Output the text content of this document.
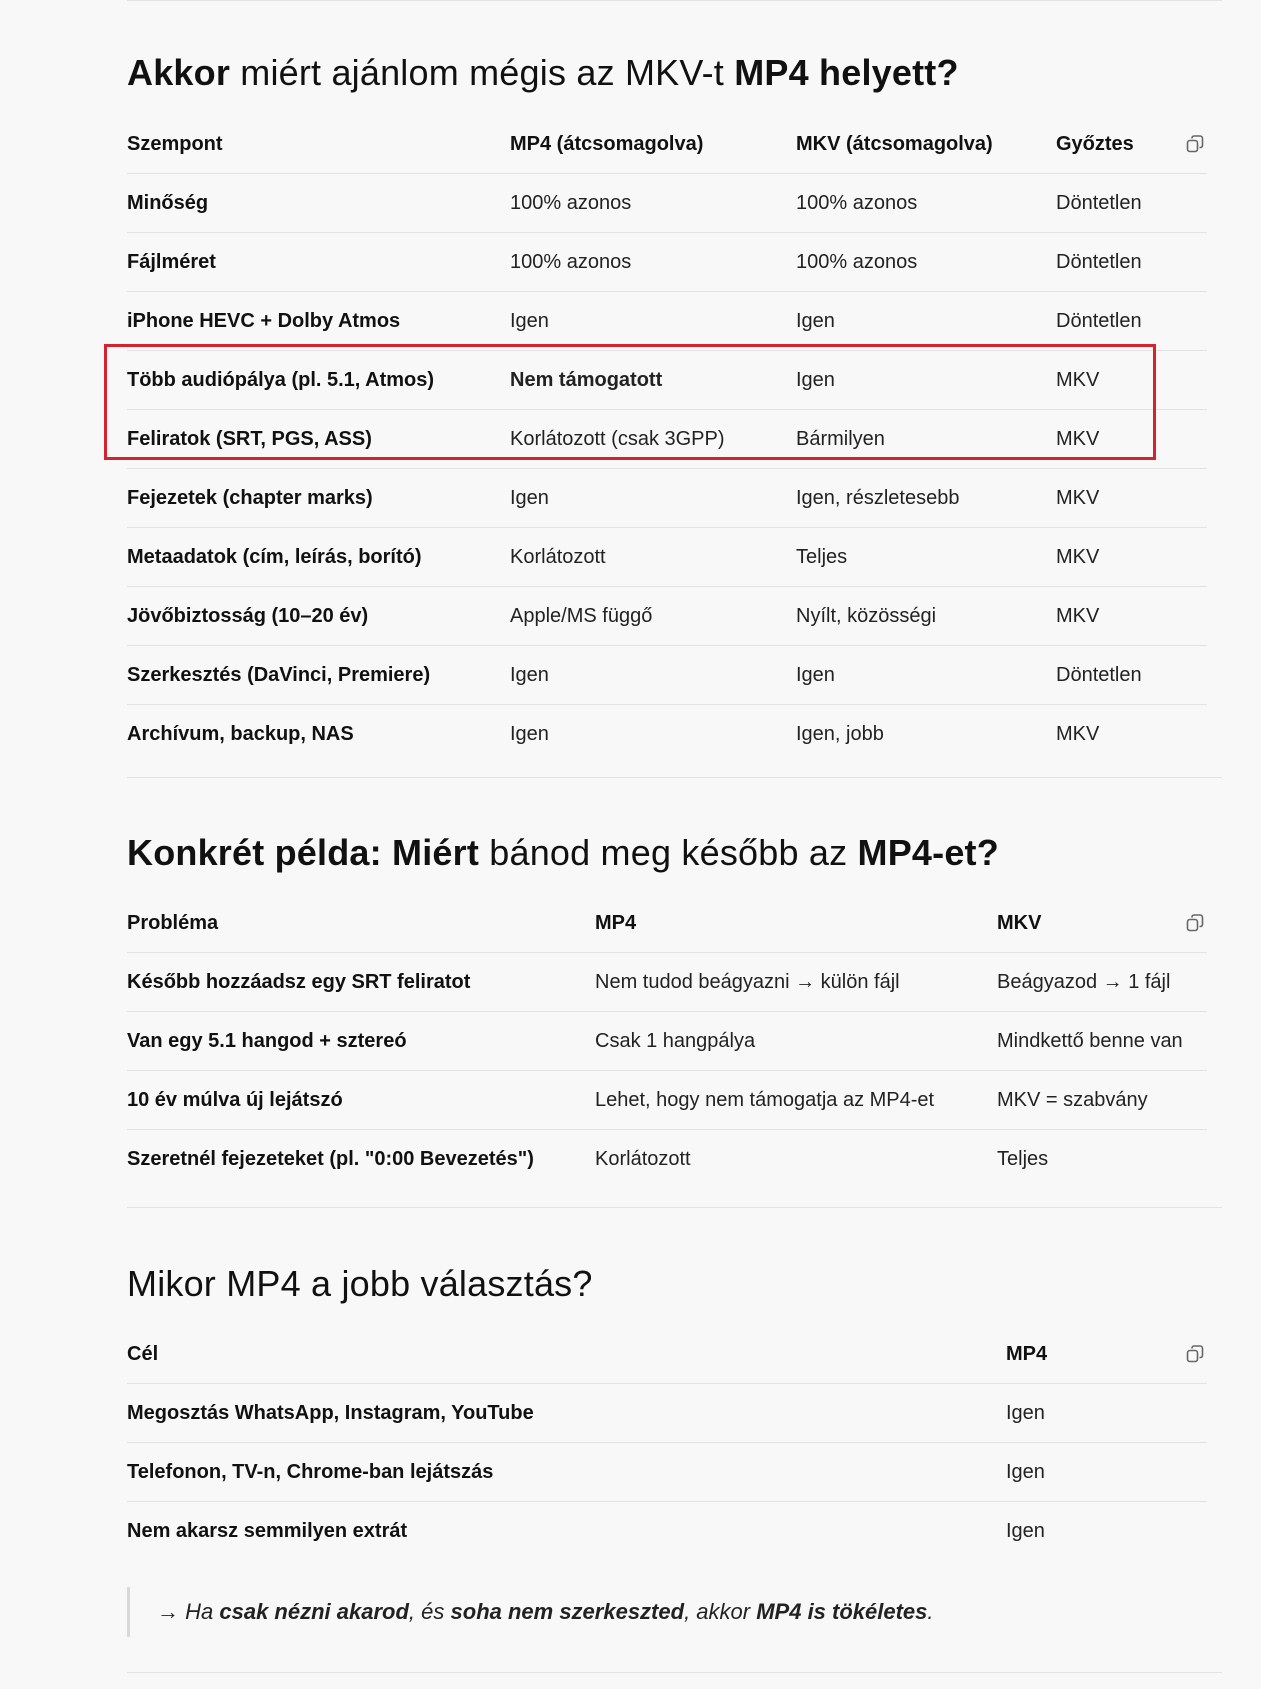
Akkor miért ajánlom mégis az MKV-t MP4 helyett?
Szempont	MP4 (átcsomagolva)	MKV (átcsomagolva)	Győztes
Minőség	100% azonos	100% azonos	Döntetlen
Fájlméret	100% azonos	100% azonos	Döntetlen
iPhone HEVC + Dolby Atmos	Igen	Igen	Döntetlen
Több audiópálya (pl. 5.1, Atmos)	Nem támogatott	Igen	MKV
Feliratok (SRT, PGS, ASS)	Korlátozott (csak 3GPP)	Bármilyen	MKV
Fejezetek (chapter marks)	Igen	Igen, részletesebb	MKV
Metaadatok (cím, leírás, borító)	Korlátozott	Teljes	MKV
Jövőbiztosság (10–20 év)	Apple/MS függő	Nyílt, közösségi	MKV
Szerkesztés (DaVinci, Premiere)	Igen	Igen	Döntetlen
Archívum, backup, NAS	Igen	Igen, jobb	MKV
Konkrét példa: Miért bánod meg később az MP4-et?
Probléma	MP4	MKV
Később hozzáadsz egy SRT feliratot	Nem tudod beágyazni → külön fájl	Beágyazod → 1 fájl
Van egy 5.1 hangod + sztereó	Csak 1 hangpálya	Mindkettő benne van
10 év múlva új lejátszó	Lehet, hogy nem támogatja az MP4-et	MKV = szabvány
Szeretnél fejezeteket (pl. "0:00 Bevezetés")	Korlátozott	Teljes
Mikor MP4 a jobb választás?
Cél	MP4
Megosztás WhatsApp, Instagram, YouTube	Igen
Telefonon, TV-n, Chrome-ban lejátszás	Igen
Nem akarsz semmilyen extrát	Igen
→ Ha csak nézni akarod, és soha nem szerkeszted, akkor MP4 is tökéletes.
